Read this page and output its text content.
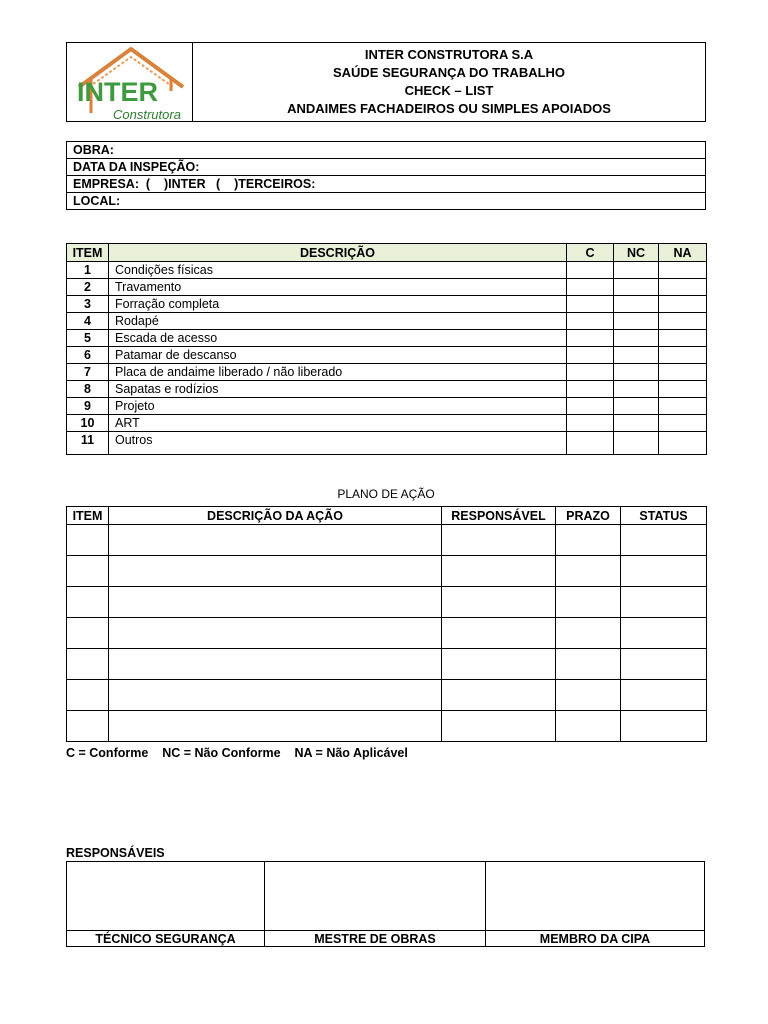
INTER
Construtora

INTER CONSTRUTORA S.A
SAÚDE SEGURANÇA DO TRABALHO
CHECK – LIST
ANDAIMES FACHADEIROS OU SIMPLES APOIADOS
OBRA:
DATA DA INSPEÇÃO:
EMPRESA:  (    )INTER   (    )TERCEIROS:
LOCAL:
ITEM	DESCRIÇÃO	C	NC	NA
1	Condições físicas			
2	Travamento			
3	Forração completa			
4	Rodapé			
5	Escada de acesso			
6	Patamar de descanso			
7	Placa de andaime liberado / não liberado			
8	Sapatas e rodízios			
9	Projeto			
10	ART			
11	Outros			
PLANO DE AÇÃO
ITEM	DESCRIÇÃO DA AÇÃO	RESPONSÁVEL	PRAZO	STATUS

C = Conforme    NC = Não Conforme    NA = Não Aplicável
RESPONSÁVEIS

TÉCNICO SEGURANÇA	MESTRE DE OBRAS	MEMBRO DA CIPA
